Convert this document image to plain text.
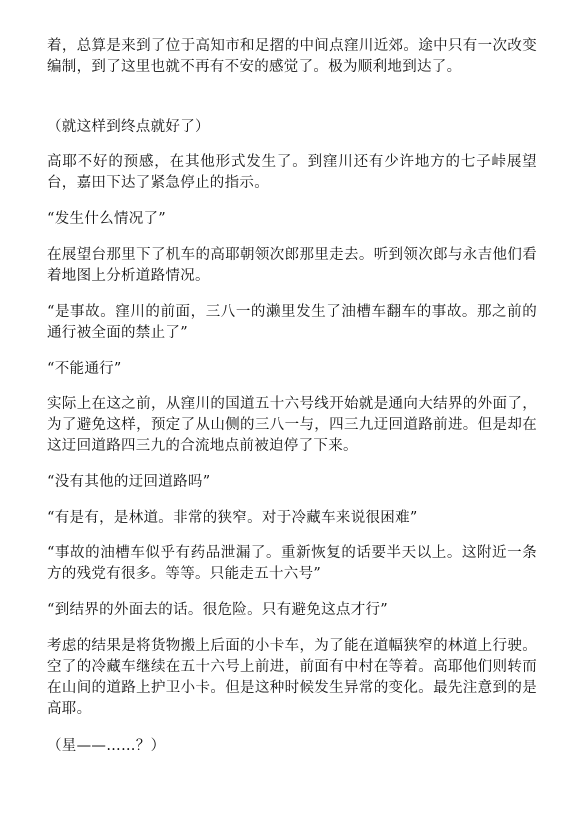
着，总算是来到了位于高知市和足摺的中间点窪川近郊。途中只有一次改变编制，到了这里也就不再有不安的感觉了。极为顺利地到达了。

（就这样到终点就好了）

高耶不好的预感，在其他形式发生了。到窪川还有少许地方的七子峠展望台，嘉田下达了紧急停止的指示。

“发生什么情况了”

在展望台那里下了机车的高耶朝领次郎那里走去。听到领次郎与永吉他们看着地图上分析道路情况。

“是事故。窪川的前面，三八一的濑里发生了油槽车翻车的事故。那之前的通行被全面的禁止了”

“不能通行”

实际上在这之前，从窪川的国道五十六号线开始就是通向大结界的外面了，为了避免这样，预定了从山侧的三八一与，四三九迂回道路前进。但是却在这迂回道路四三九的合流地点前被迫停了下来。

“没有其他的迂回道路吗”

“有是有，是林道。非常的狭窄。对于冷藏车来说很困难”

“事故的油槽车似乎有药品泄漏了。重新恢复的话要半天以上。这附近一条方的残党有很多。等等。只能走五十六号”

“到结界的外面去的话。很危险。只有避免这点才行”

考虑的结果是将货物搬上后面的小卡车，为了能在道幅狭窄的林道上行驶。空了的冷藏车继续在五十六号上前进，前面有中村在等着。高耶他们则转而在山间的道路上护卫小卡。但是这种时候发生异常的变化。最先注意到的是高耶。

（星——……？）
